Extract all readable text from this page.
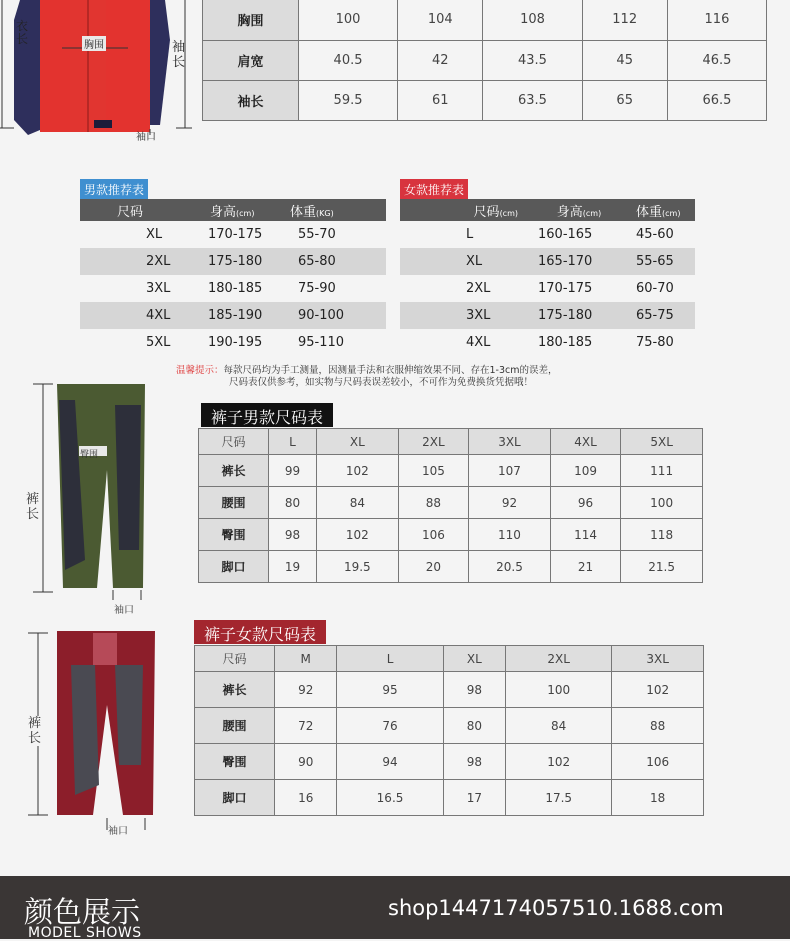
衣长	胸围	袖长
袖口
胸围	100	104	108	112	116
肩宽	40.5	42	43.5	45	46.5
袖长	59.5	61	63.5	65	66.5
男款推荐表
尺码	身高(cm)	体重(KG)
XL	170-175	55-70
2XL	175-180	65-80
3XL	180-185	75-90
4XL	185-190	90-100
5XL	190-195	95-110
女款推荐表
尺码(cm)	身高(cm)	体重(cm)
L	160-165	45-60
XL	165-170	55-65
2XL	170-175	60-70
3XL	175-180	65-75
4XL	180-185	75-80
温馨提示：每款尺码均为手工测量，因测量手法和衣服伸缩效果不同、存在1-3cm的误差，
尺码表仅供参考，如实物与尺码表误差较小，不可作为免费换货凭据哦！
臀围
裤长
袖口
裤子男款尺码表
尺码	L	XL	2XL	3XL	4XL	5XL
裤长	99	102	105	107	109	111
腰围	80	84	88	92	96	100
臀围	98	102	106	110	114	118
脚口	19	19.5	20	20.5	21	21.5
裤长
袖口
裤子女款尺码表
尺码	M	L	XL	2XL	3XL
裤长	92	95	98	100	102
腰围	72	76	80	84	88
臀围	90	94	98	102	106
脚口	16	16.5	17	17.5	18
颜色展示
MODEL SHOWS
shop1447174057510.1688.com
